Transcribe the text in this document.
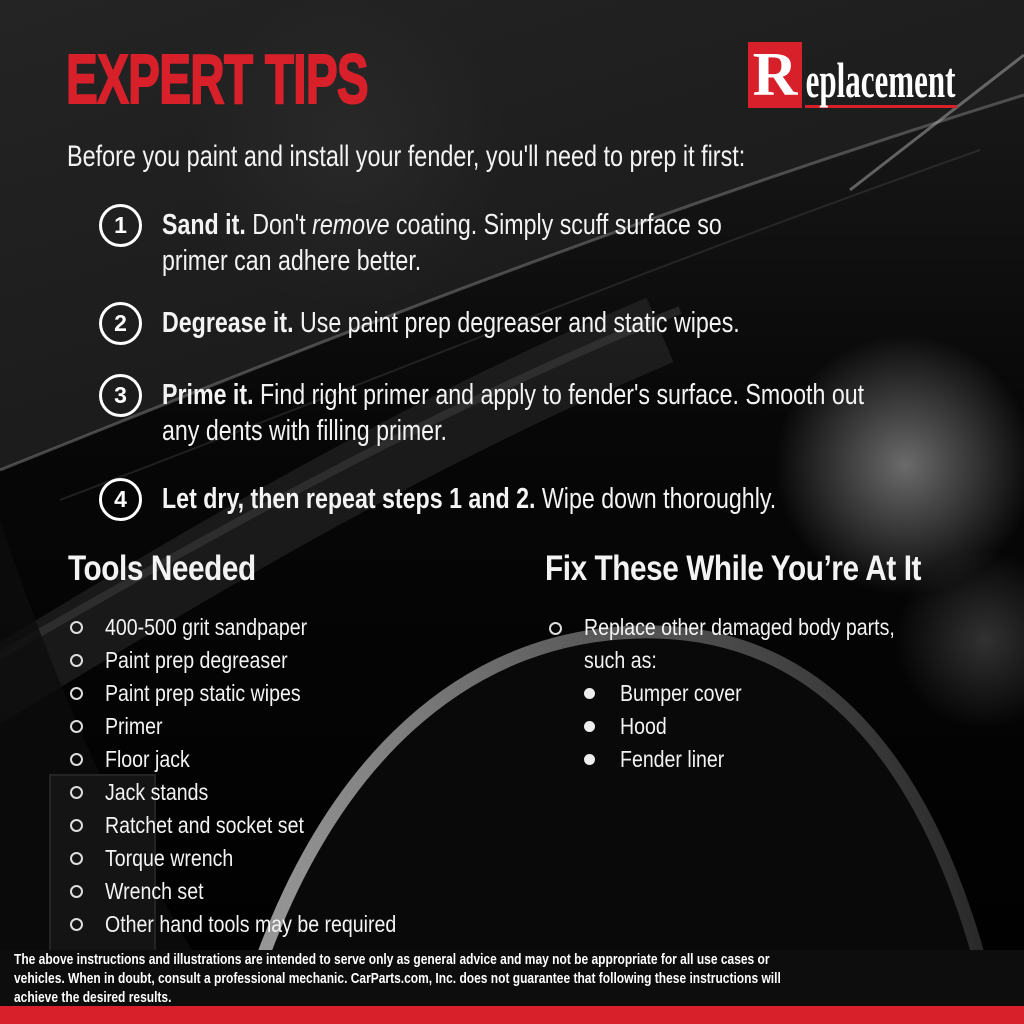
EXPERT TIPS	R eplacement
Before you paint and install your fender, you'll need to prep it first:
1	Sand it. Don't remove coating. Simply scuff surface so primer can adhere better.
2	Degrease it. Use paint prep degreaser and static wipes.
3	Prime it. Find right primer and apply to fender's surface. Smooth out any dents with filling primer.
4	Let dry, then repeat steps 1 and 2. Wipe down thoroughly.
Tools Needed	Fix These While You’re At It
400-500 grit sandpaper
Paint prep degreaser
Paint prep static wipes
Primer
Floor jack
Jack stands
Ratchet and socket set
Torque wrench
Wrench set
Other hand tools may be required
Replace other damaged body parts, such as:
Bumper cover
Hood
Fender liner

The above instructions and illustrations are intended to serve only as general advice and may not be appropriate for all use cases or vehicles. When in doubt, consult a professional mechanic. CarParts.com, Inc. does not guarantee that following these instructions will achieve the desired results.
